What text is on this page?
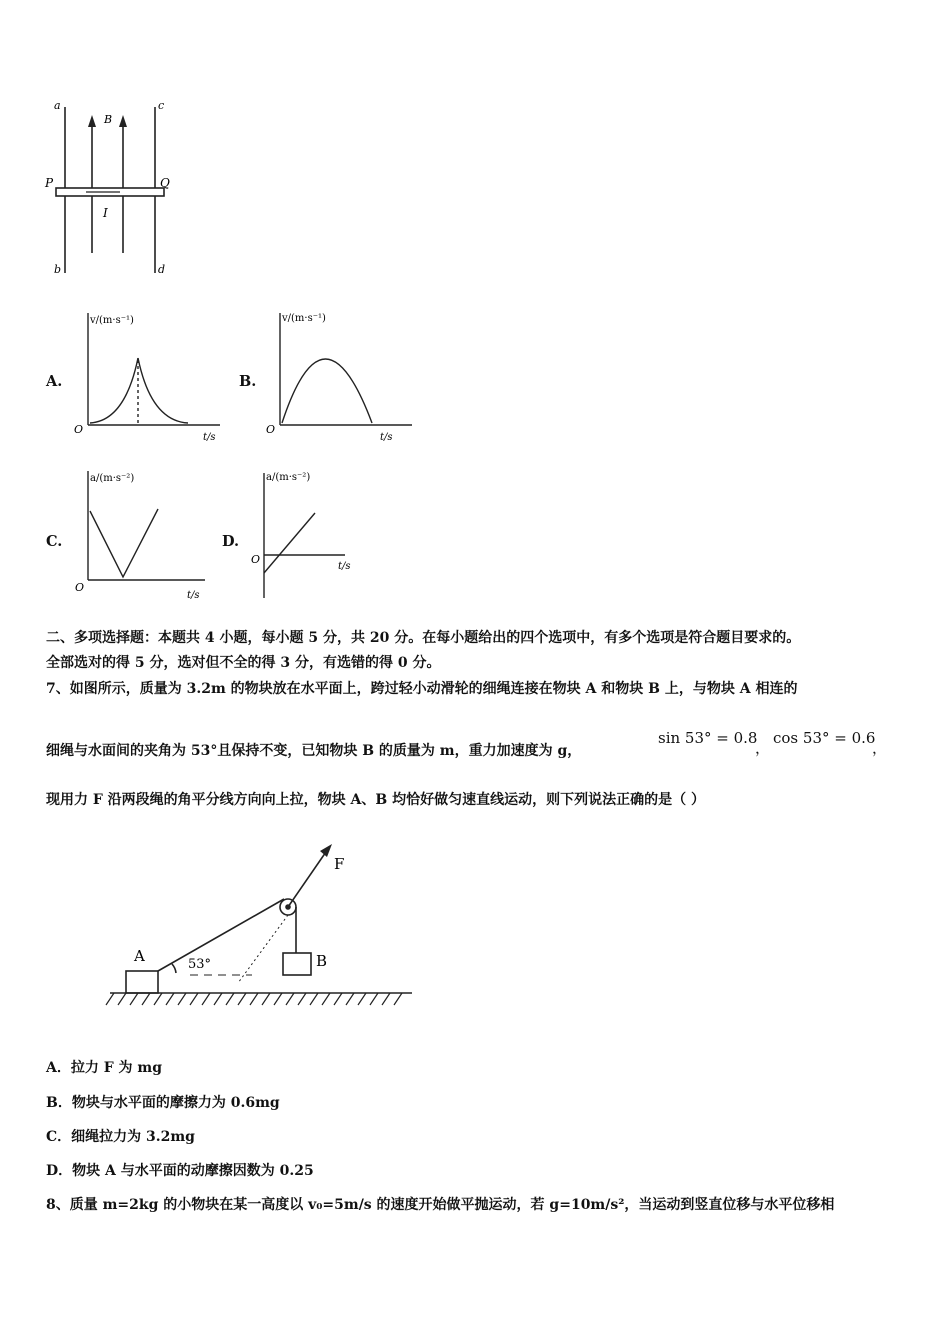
a	c
b	d
P	Q
B
I
A.
v/(m·s⁻¹)
t/s
O
B.
v/(m·s⁻¹)
t/s
O
C.
a/(m·s⁻²)
t/s
O
D.
a/(m·s⁻²)
t/s
O
二、多项选择题：本题共 4 小题，每小题 5 分，共 20 分。在每小题给出的四个选项中，有多个选项是符合题目要求的。
全部选对的得 5 分，选对但不全的得 3 分，有选错的得 0 分。
7、如图所示，质量为 3.2m 的物块放在水平面上，跨过轻小动滑轮的细绳连接在物块 A 和物块 B 上，与物块 A 相连的
细绳与水面间的夹角为 53°且保持不变，已知物块 B 的质量为 m，重力加速度为 g，
sin 53° = 0.8
，
cos 53° = 0.6
，
现用力 F 沿两段绳的角平分线方向向上拉，物块 A、B 均恰好做匀速直线运动，则下列说法正确的是（ ）
A	B
F
53°
A．拉力 F 为 mg
B．物块与水平面的摩擦力为 0.6mg
C．细绳拉力为 3.2mg
D．物块 A 与水平面的动摩擦因数为 0.25
8、质量 m=2kg 的小物块在某一高度以 v₀=5m/s 的速度开始做平抛运动，若 g=10m/s²，当运动到竖直位移与水平位移相
